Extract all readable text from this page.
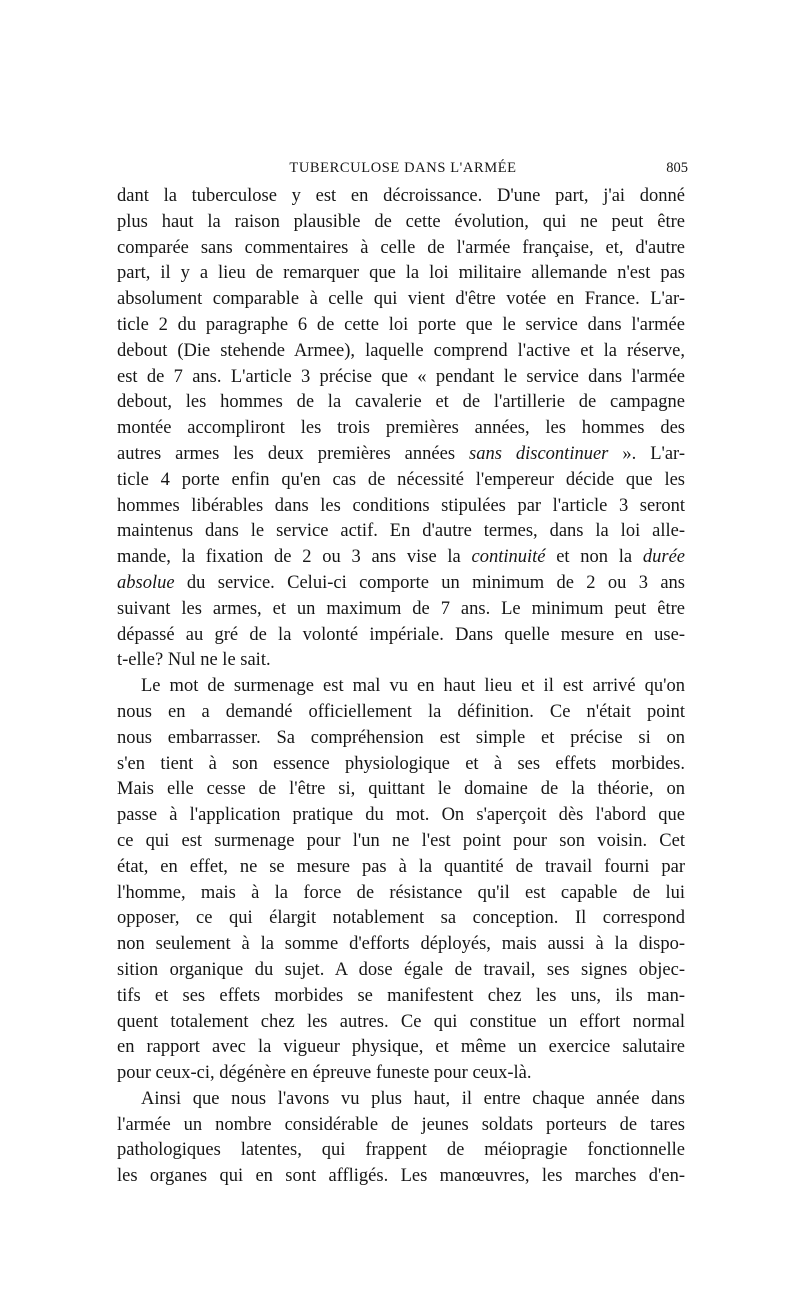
TUBERCULOSE DANS L'ARMÉE	805
dant la tuberculose y est en décroissance. D'une part, j'ai donné
plus haut la raison plausible de cette évolution, qui ne peut être
comparée sans commentaires à celle de l'armée française, et, d'autre
part, il y a lieu de remarquer que la loi militaire allemande n'est pas
absolument comparable à celle qui vient d'être votée en France. L'ar-
ticle 2 du paragraphe 6 de cette loi porte que le service dans l'armée
debout (Die stehende Armee), laquelle comprend l'active et la réserve,
est de 7 ans. L'article 3 précise que « pendant le service dans l'armée
debout, les hommes de la cavalerie et de l'artillerie de campagne
montée accompliront les trois premières années, les hommes des
autres armes les deux premières années sans discontinuer ». L'ar-
ticle 4 porte enfin qu'en cas de nécessité l'empereur décide que les
hommes libérables dans les conditions stipulées par l'article 3 seront
maintenus dans le service actif. En d'autre termes, dans la loi alle-
mande, la fixation de 2 ou 3 ans vise la continuité et non la durée
absolue du service. Celui-ci comporte un minimum de 2 ou 3 ans
suivant les armes, et un maximum de 7 ans. Le minimum peut être
dépassé au gré de la volonté impériale. Dans quelle mesure en use-
t-elle? Nul ne le sait.
Le mot de surmenage est mal vu en haut lieu et il est arrivé qu'on
nous en a demandé officiellement la définition. Ce n'était point
nous embarrasser. Sa compréhension est simple et précise si on
s'en tient à son essence physiologique et à ses effets morbides.
Mais elle cesse de l'être si, quittant le domaine de la théorie, on
passe à l'application pratique du mot. On s'aperçoit dès l'abord que
ce qui est surmenage pour l'un ne l'est point pour son voisin. Cet
état, en effet, ne se mesure pas à la quantité de travail fourni par
l'homme, mais à la force de résistance qu'il est capable de lui
opposer, ce qui élargit notablement sa conception. Il correspond
non seulement à la somme d'efforts déployés, mais aussi à la dispo-
sition organique du sujet. A dose égale de travail, ses signes objec-
tifs et ses effets morbides se manifestent chez les uns, ils man-
quent totalement chez les autres. Ce qui constitue un effort normal
en rapport avec la vigueur physique, et même un exercice salutaire
pour ceux-ci, dégénère en épreuve funeste pour ceux-là.
Ainsi que nous l'avons vu plus haut, il entre chaque année dans
l'armée un nombre considérable de jeunes soldats porteurs de tares
pathologiques latentes, qui frappent de méiopragie fonctionnelle
les organes qui en sont affligés. Les manœuvres, les marches d'en-
